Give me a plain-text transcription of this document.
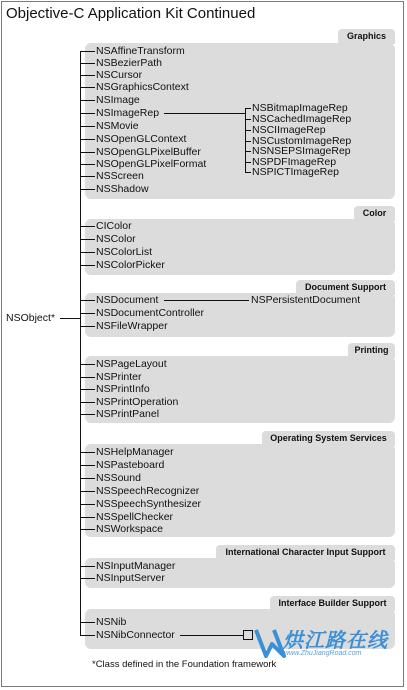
Objective-C Application Kit Continued
Graphics
Color
Document Support
Printing
Operating System Services
International Character Input Support
Interface Builder Support
NSObject*
NSAffineTransform
NSBezierPath
NSCursor
NSGraphicsContext
NSImage
NSImageRep
NSMovie
NSOpenGLContext
NSOpenGLPixelBuffer
NSOpenGLPixelFormat
NSScreen
NSShadow
NSBitmapImageRep
NSCachedImageRep
NSCIImageRep
NSCustomImageRep
NSNSEPSImageRep
NSPDFImageRep
NSPICTImageRep
CIColor
NSColor
NSColorList
NSColorPicker
NSDocument
NSDocumentController
NSFileWrapper
NSPersistentDocument
NSPageLayout
NSPrinter
NSPrintInfo
NSPrintOperation
NSPrintPanel
NSHelpManager
NSPasteboard
NSSound
NSSpeechRecognizer
NSSpeechSynthesizer
NSSpellChecker
NSWorkspace
NSInputManager
NSInputServer
NSNib
NSNibConnector	烘江路在线
www.ZhuJiangRoad.com
*Class defined in the Foundation framework
